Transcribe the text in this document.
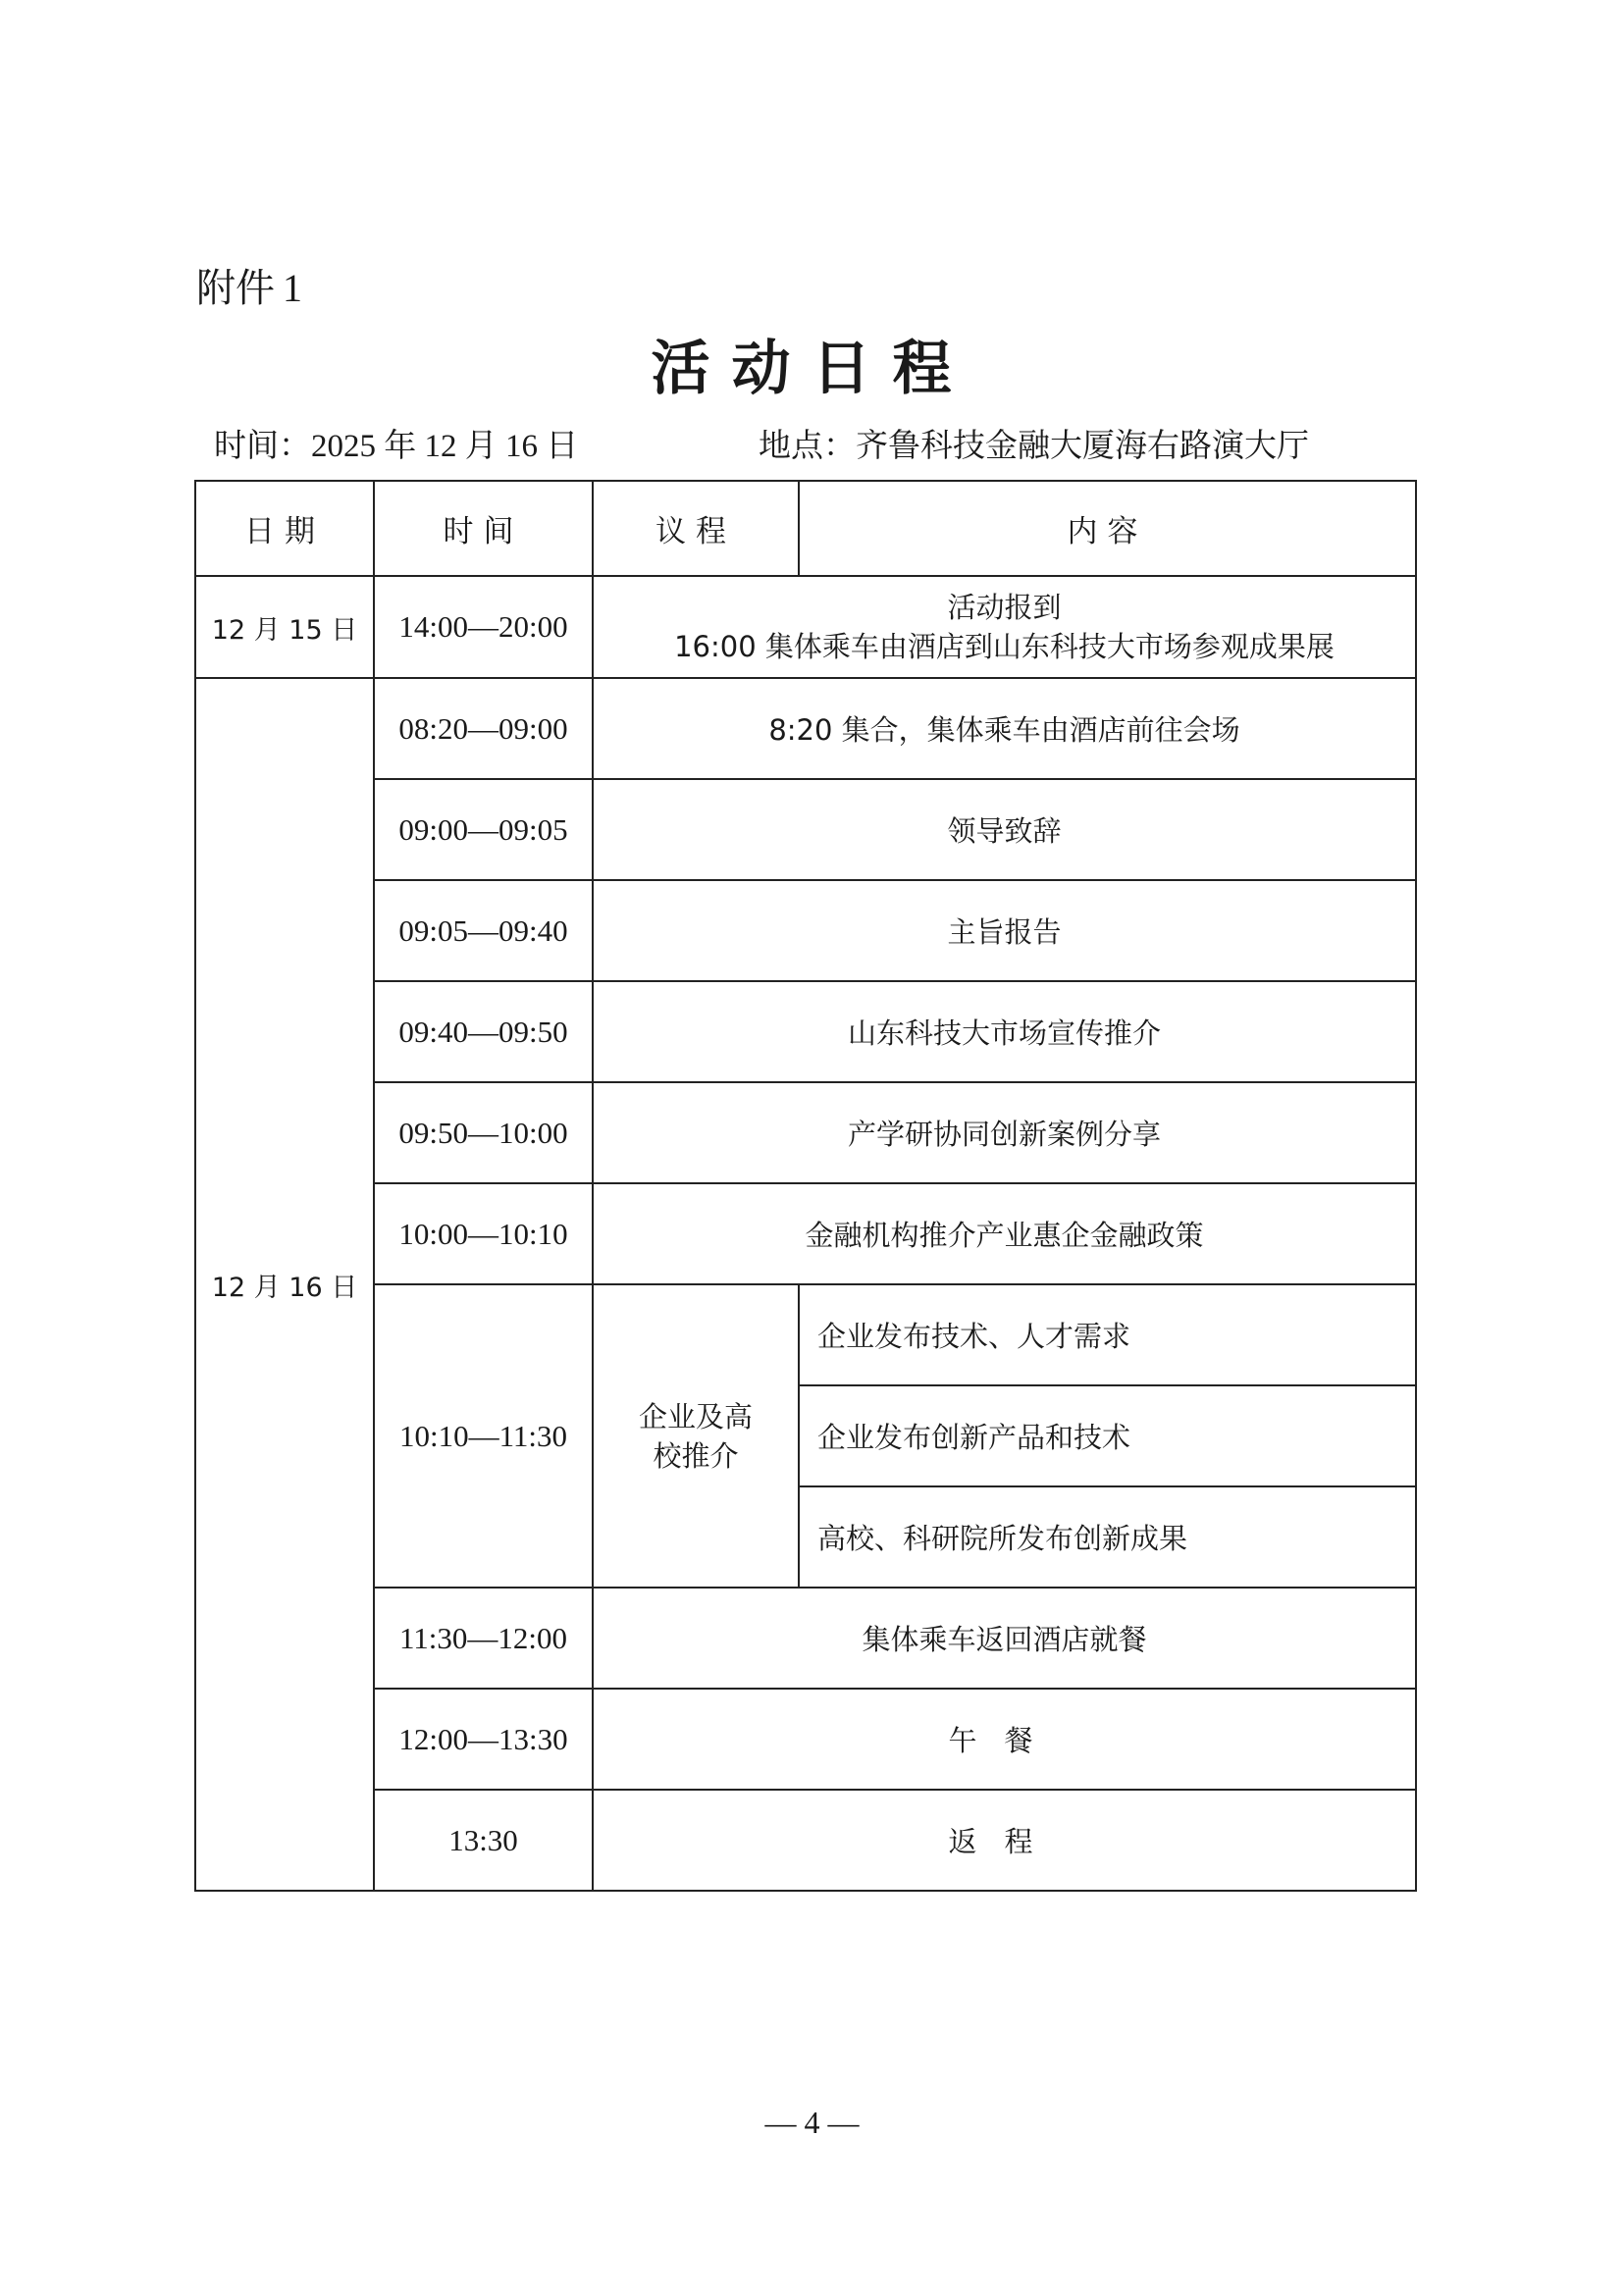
附件 1
活动日程
时间：2025 年 12 月 16 日	地点：齐鲁科技金融大厦海右路演大厅
日期	时间	议程	内容
12 月 15 日	14:00—20:00	活动报到
16:00 集体乘车由酒店到山东科技大市场参观成果展	

12 月 16 日	08:20—09:00	8:20 集合，集体乘车由酒店前往会场	
	09:00—09:05	领导致辞	
	09:05—09:40	主旨报告	
	09:40—09:50	山东科技大市场宣传推介	
	09:50—10:00	产学研协同创新案例分享	
	10:00—10:10	金融机构推介产业惠企金融政策	
	10:10—11:30	企业及高校推介	企业发布技术、人才需求
			企业发布创新产品和技术
			高校、科研院所发布创新成果
	11:30—12:00	集体乘车返回酒店就餐	
	12:00—13:30	午餐	
	13:30	返程	
— 4 —
